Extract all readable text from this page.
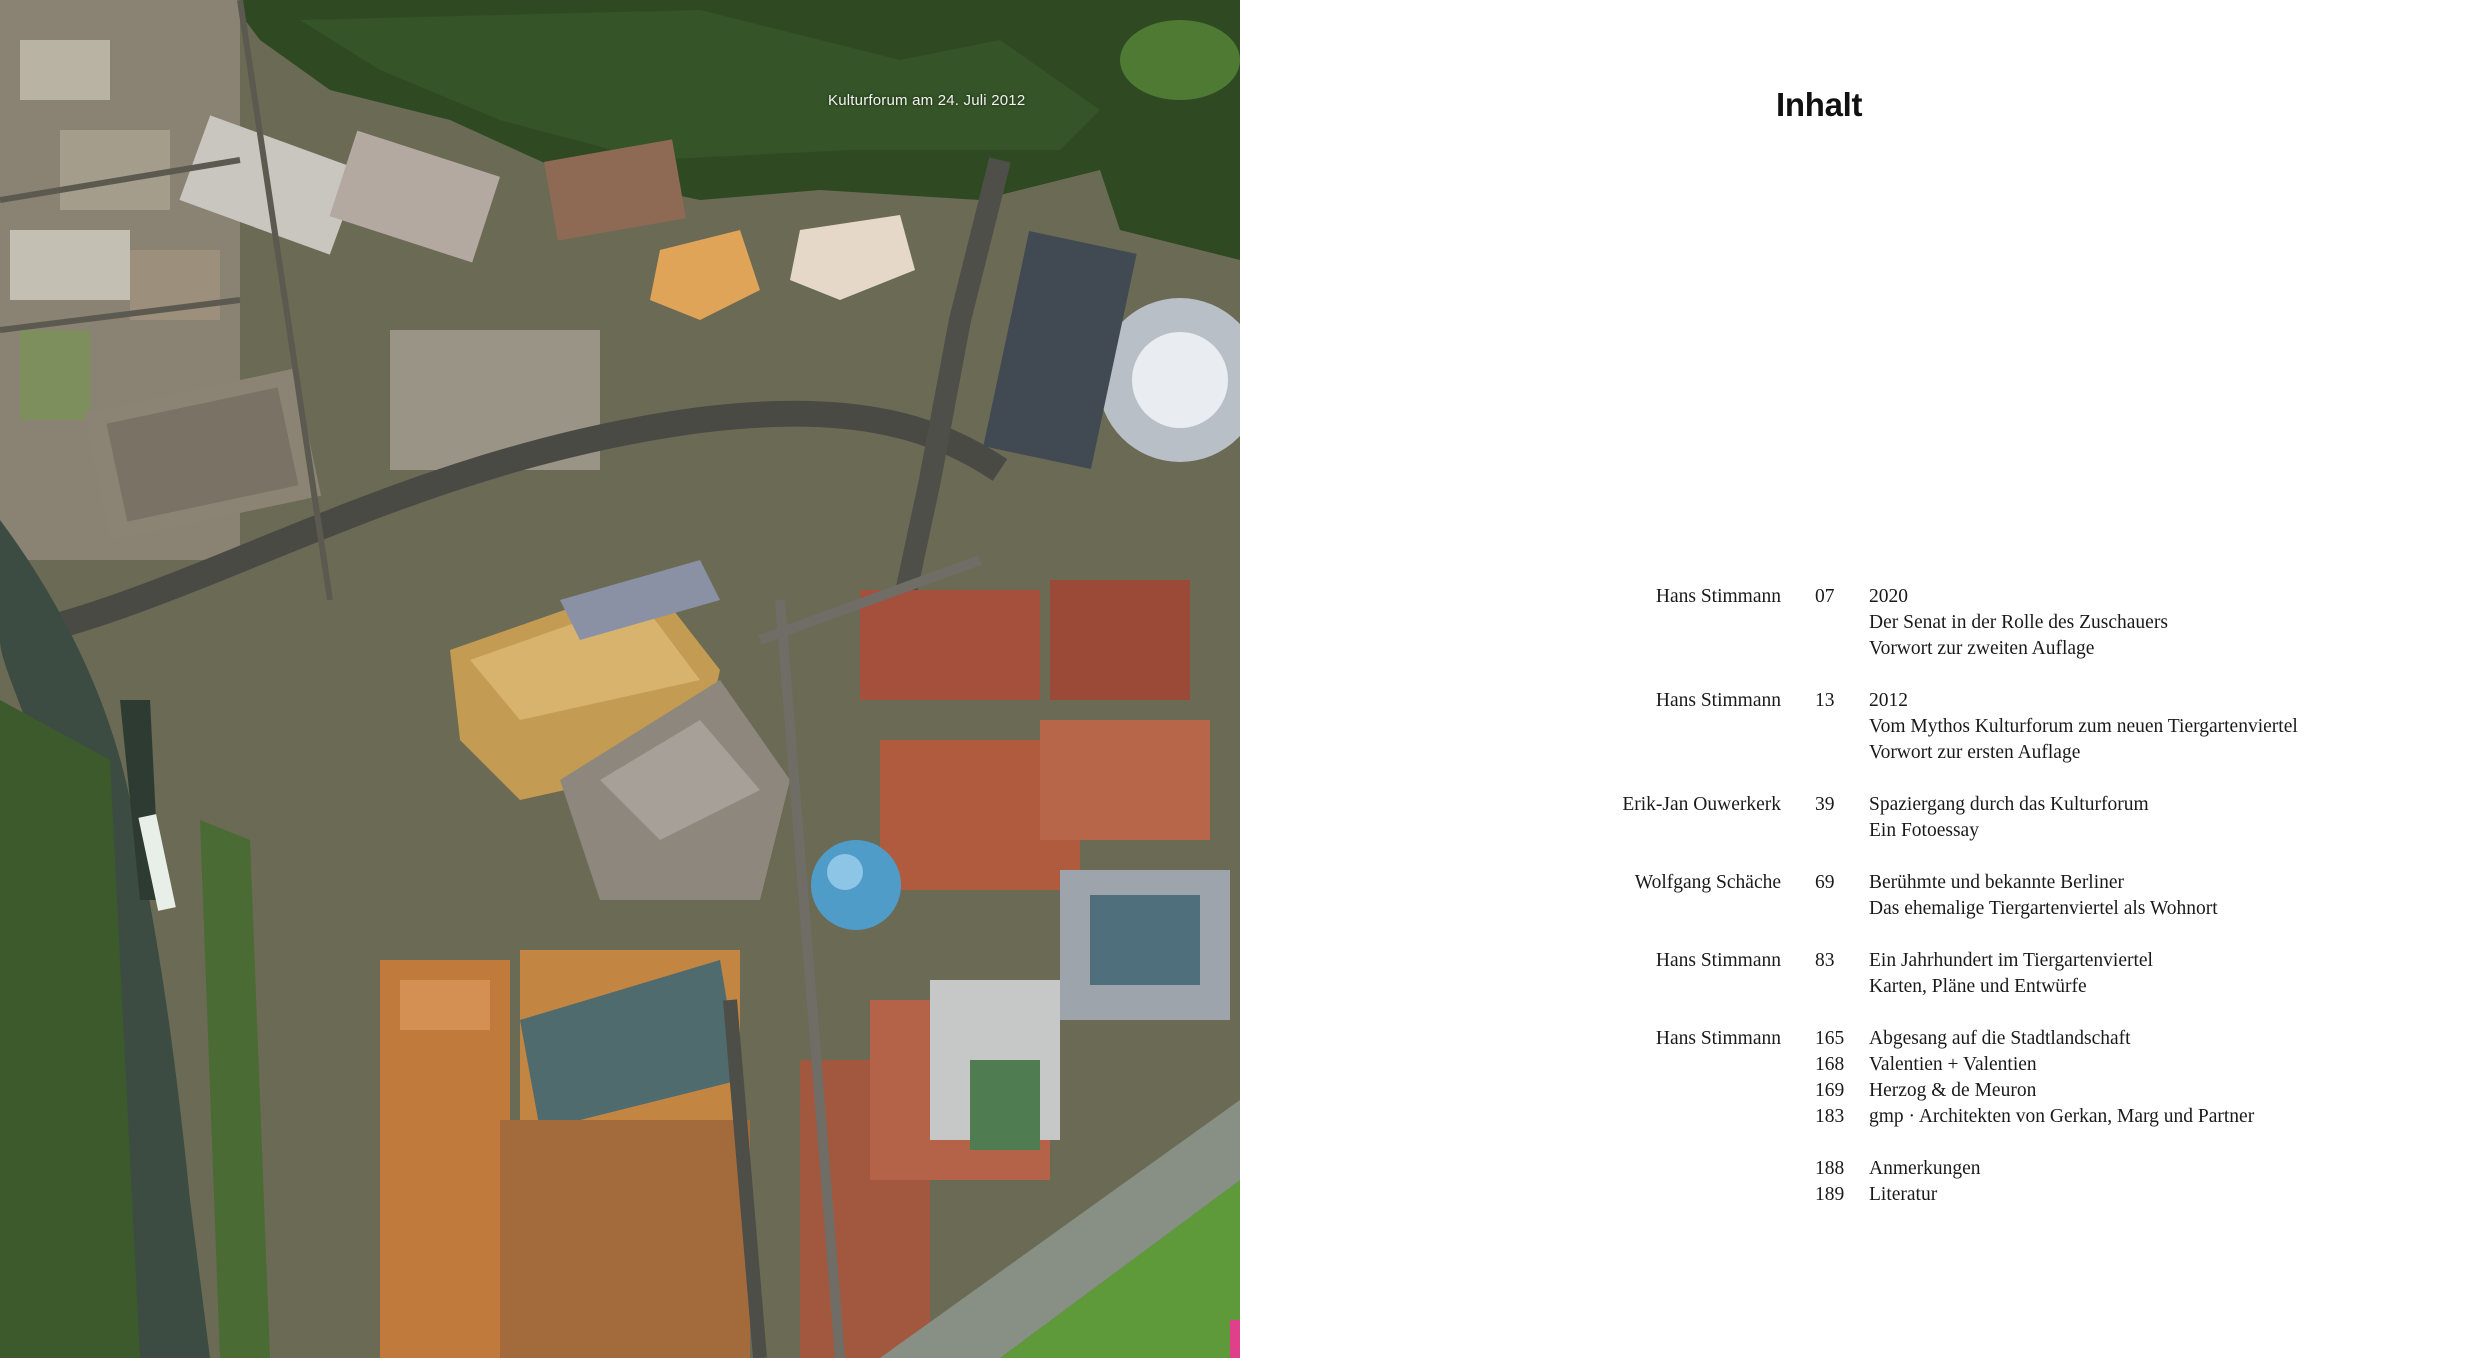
Kulturforum am 24. Juli 2012	Inhalt
Hans Stimmann 07	2020
Der Senat in der Rolle des Zuschauers
Vorwort zur zweiten Auflage
Hans Stimmann 13	2012
Vom Mythos Kulturforum zum neuen Tiergartenviertel
Vorwort zur ersten Auflage
Erik-Jan Ouwerkerk 39	Spaziergang durch das Kulturforum
Ein Fotoessay
Wolfgang Schäche 69	Berühmte und bekannte Berliner
Das ehemalige Tiergartenviertel als Wohnort
Hans Stimmann 83	Ein Jahrhundert im Tiergartenviertel
Karten, Pläne und Entwürfe
Hans Stimmann 165	Abgesang auf die Stadtlandschaft
168	Valentien + Valentien
169	Herzog & de Meuron
183	gmp · Architekten von Gerkan, Marg und Partner
188	Anmerkungen
189	Literatur
